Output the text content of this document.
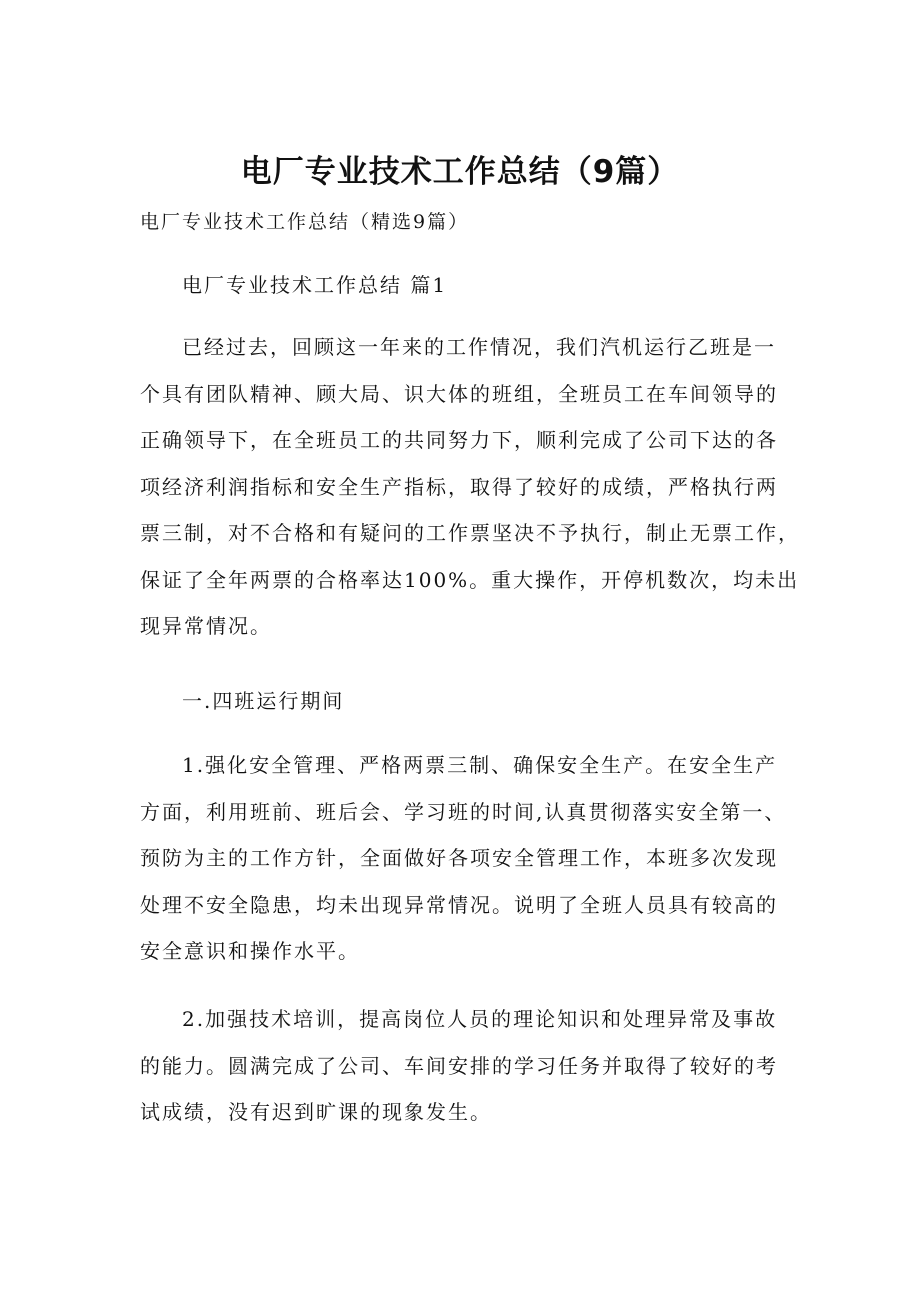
电厂专业技术工作总结（9篇）
电厂专业技术工作总结（精选9篇）
电厂专业技术工作总结 篇1
已经过去，回顾这一年来的工作情况，我们汽机运行乙班是一
个具有团队精神、顾大局、识大体的班组，全班员工在车间领导的
正确领导下，在全班员工的共同努力下，顺利完成了公司下达的各
项经济利润指标和安全生产指标，取得了较好的成绩，严格执行两
票三制，对不合格和有疑问的工作票坚决不予执行，制止无票工作，
保证了全年两票的合格率达100%。重大操作，开停机数次，均未出
现异常情况。
一.四班运行期间
1.强化安全管理、严格两票三制、确保安全生产。在安全生产
方面，利用班前、班后会、学习班的时间,认真贯彻落实安全第一、
预防为主的工作方针，全面做好各项安全管理工作，本班多次发现
处理不安全隐患，均未出现异常情况。说明了全班人员具有较高的
安全意识和操作水平。
2.加强技术培训，提高岗位人员的理论知识和处理异常及事故
的能力。圆满完成了公司、车间安排的学习任务并取得了较好的考
试成绩，没有迟到旷课的现象发生。
